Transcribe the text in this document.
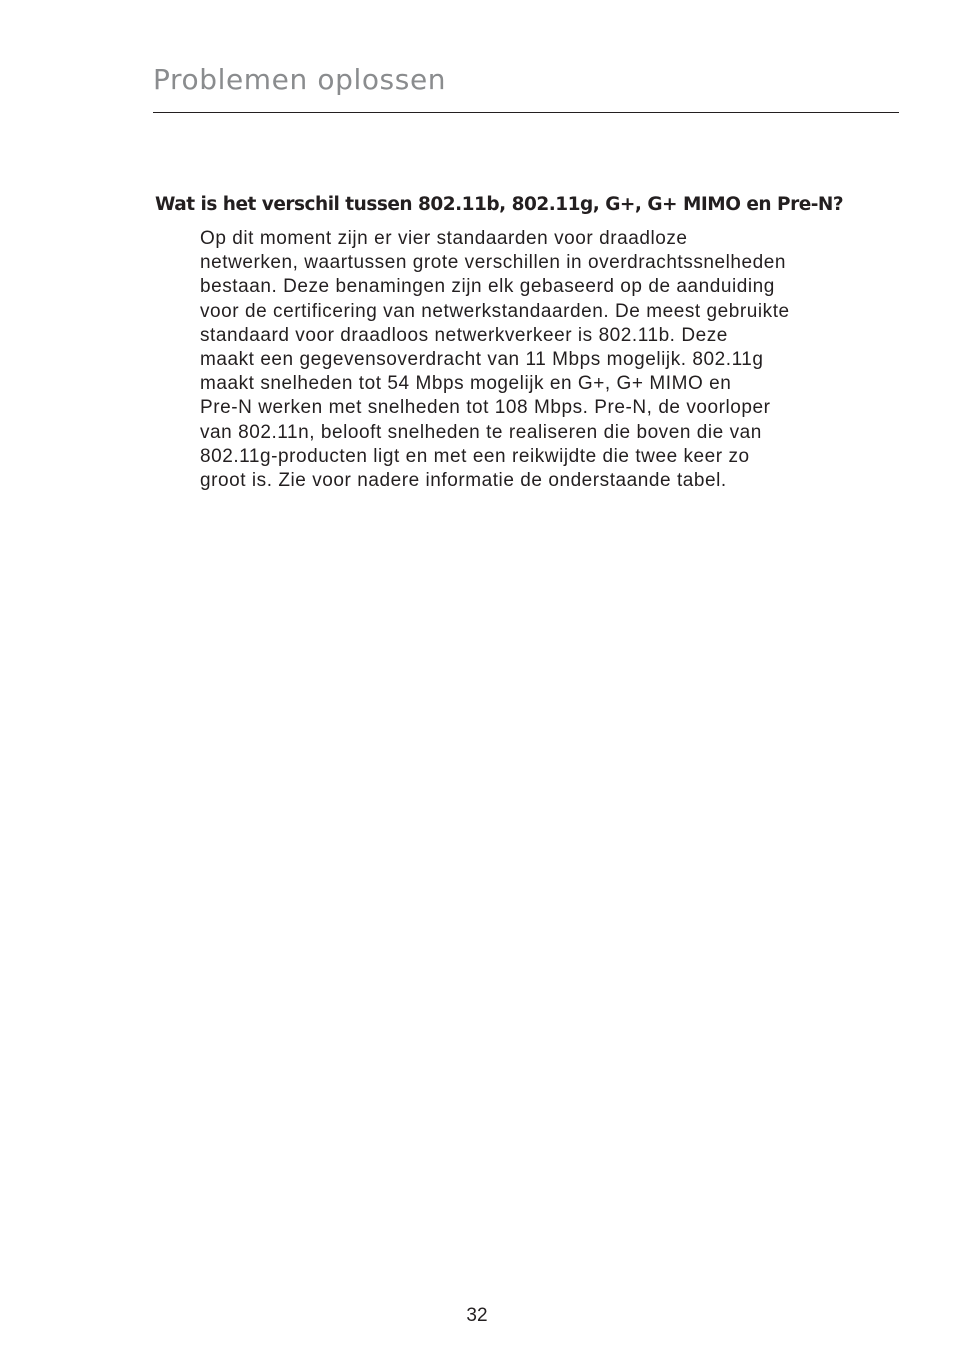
Problemen oplossen
Wat is het verschil tussen 802.11b, 802.11g, G+, G+ MIMO en Pre-N?
Op dit moment zijn er vier standaarden voor draadloze
netwerken, waartussen grote verschillen in overdrachtssnelheden
bestaan. Deze benamingen zijn elk gebaseerd op de aanduiding
voor de certificering van netwerkstandaarden. De meest gebruikte
standaard voor draadloos netwerkverkeer is 802.11b. Deze
maakt een gegevensoverdracht van 11 Mbps mogelijk. 802.11g
maakt snelheden tot 54 Mbps mogelijk en G+, G+ MIMO en
Pre-N werken met snelheden tot 108 Mbps. Pre-N, de voorloper
van 802.11n, belooft snelheden te realiseren die boven die van
802.11g-producten ligt en met een reikwijdte die twee keer zo
groot is. Zie voor nadere informatie de onderstaande tabel.

32
